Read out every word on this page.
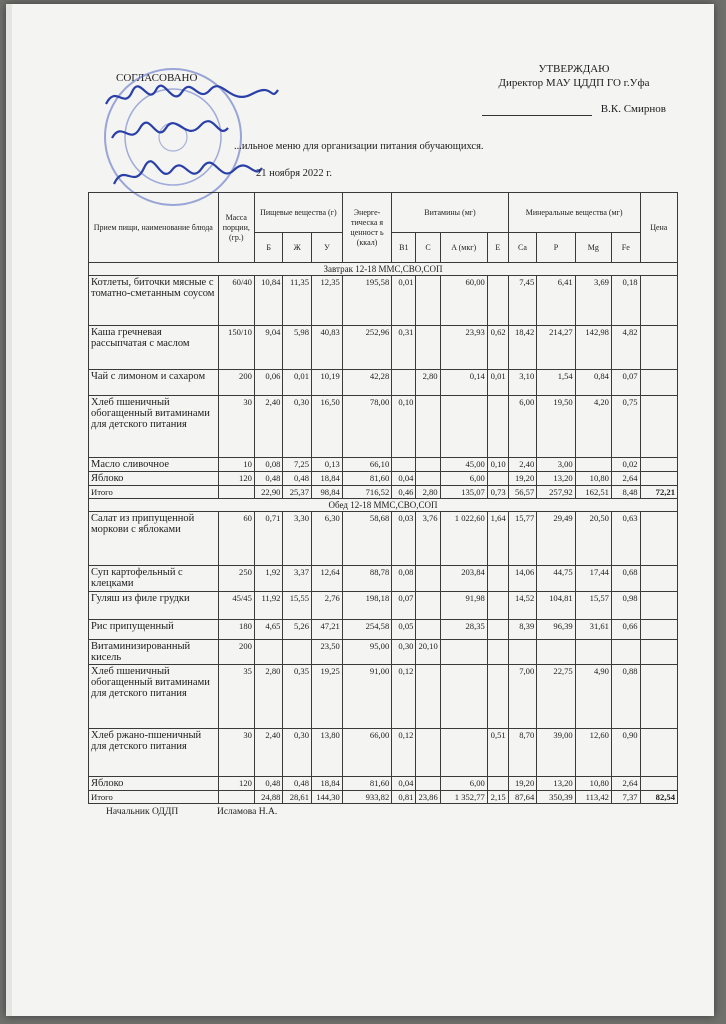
УТВЕРЖДАЮ
Директор МАУ ЦДДП ГО г.Уфа
В.К. Смирнов
СОГЛАСОВАНО
...ильное меню для организации питания обучающихся.
21 ноября 2022 г.
Прием пищи, наименование блюда	Масса порции, (гр.)	Пищевые вещества (г)			Энерге-тическа я ценност ь (ккал)	Витамины (мг)				Минеральные вещества (мг)				Цена
		Б	Ж	У		B1	C	A (мкг)	E	Ca	P	Mg	Fe	
Завтрак 12-18 ММС,СВО,СОП														
Котлеты, биточки мясные с томатно-сметанным соусом	60/40	10,84	11,35	12,35	195,58	0,01		60,00		7,45	6,41	3,69	0,18	
Каша гречневая рассыпчатая с маслом	150/10	9,04	5,98	40,83	252,96	0,31		23,93	0,62	18,42	214,27	142,98	4,82	
Чай с лимоном и сахаром	200	0,06	0,01	10,19	42,28		2,80	0,14	0,01	3,10	1,54	0,84	0,07	
Хлеб пшеничный обогащенный витаминами для детского питания	30	2,40	0,30	16,50	78,00	0,10				6,00	19,50	4,20	0,75	
Масло сливочное	10	0,08	7,25	0,13	66,10			45,00	0,10	2,40	3,00		0,02	
Яблоко	120	0,48	0,48	18,84	81,60	0,04		6,00		19,20	13,20	10,80	2,64	
Итого		22,90	25,37	98,84	716,52	0,46	2,80	135,07	0,73	56,57	257,92	162,51	8,48	72,21
Обед 12-18 ММС,СВО,СОП														
Салат из припущенной моркови с яблоками	60	0,71	3,30	6,30	58,68	0,03	3,76	1 022,60	1,64	15,77	29,49	20,50	0,63	
Суп картофельный с клецками	250	1,92	3,37	12,64	88,78	0,08		203,84		14,06	44,75	17,44	0,68	
Гуляш из филе грудки	45/45	11,92	15,55	2,76	198,18	0,07		91,98		14,52	104,81	15,57	0,98	
Рис припущенный	180	4,65	5,26	47,21	254,58	0,05		28,35		8,39	96,39	31,61	0,66	
Витаминизированный кисель	200			23,50	95,00	0,30	20,10							
Хлеб пшеничный обогащенный витаминами для детского питания	35	2,80	0,35	19,25	91,00	0,12				7,00	22,75	4,90	0,88	
Хлеб ржано-пшеничный для детского питания	30	2,40	0,30	13,80	66,00	0,12			0,51	8,70	39,00	12,60	0,90	
Яблоко	120	0,48	0,48	18,84	81,60	0,04		6,00		19,20	13,20	10,80	2,64	
Итого		24,88	28,61	144,30	933,82	0,81	23,86	1 352,77	2,15	87,64	350,39	113,42	7,37	82,54
Начальник ОДДП	Исламова Н.А.
